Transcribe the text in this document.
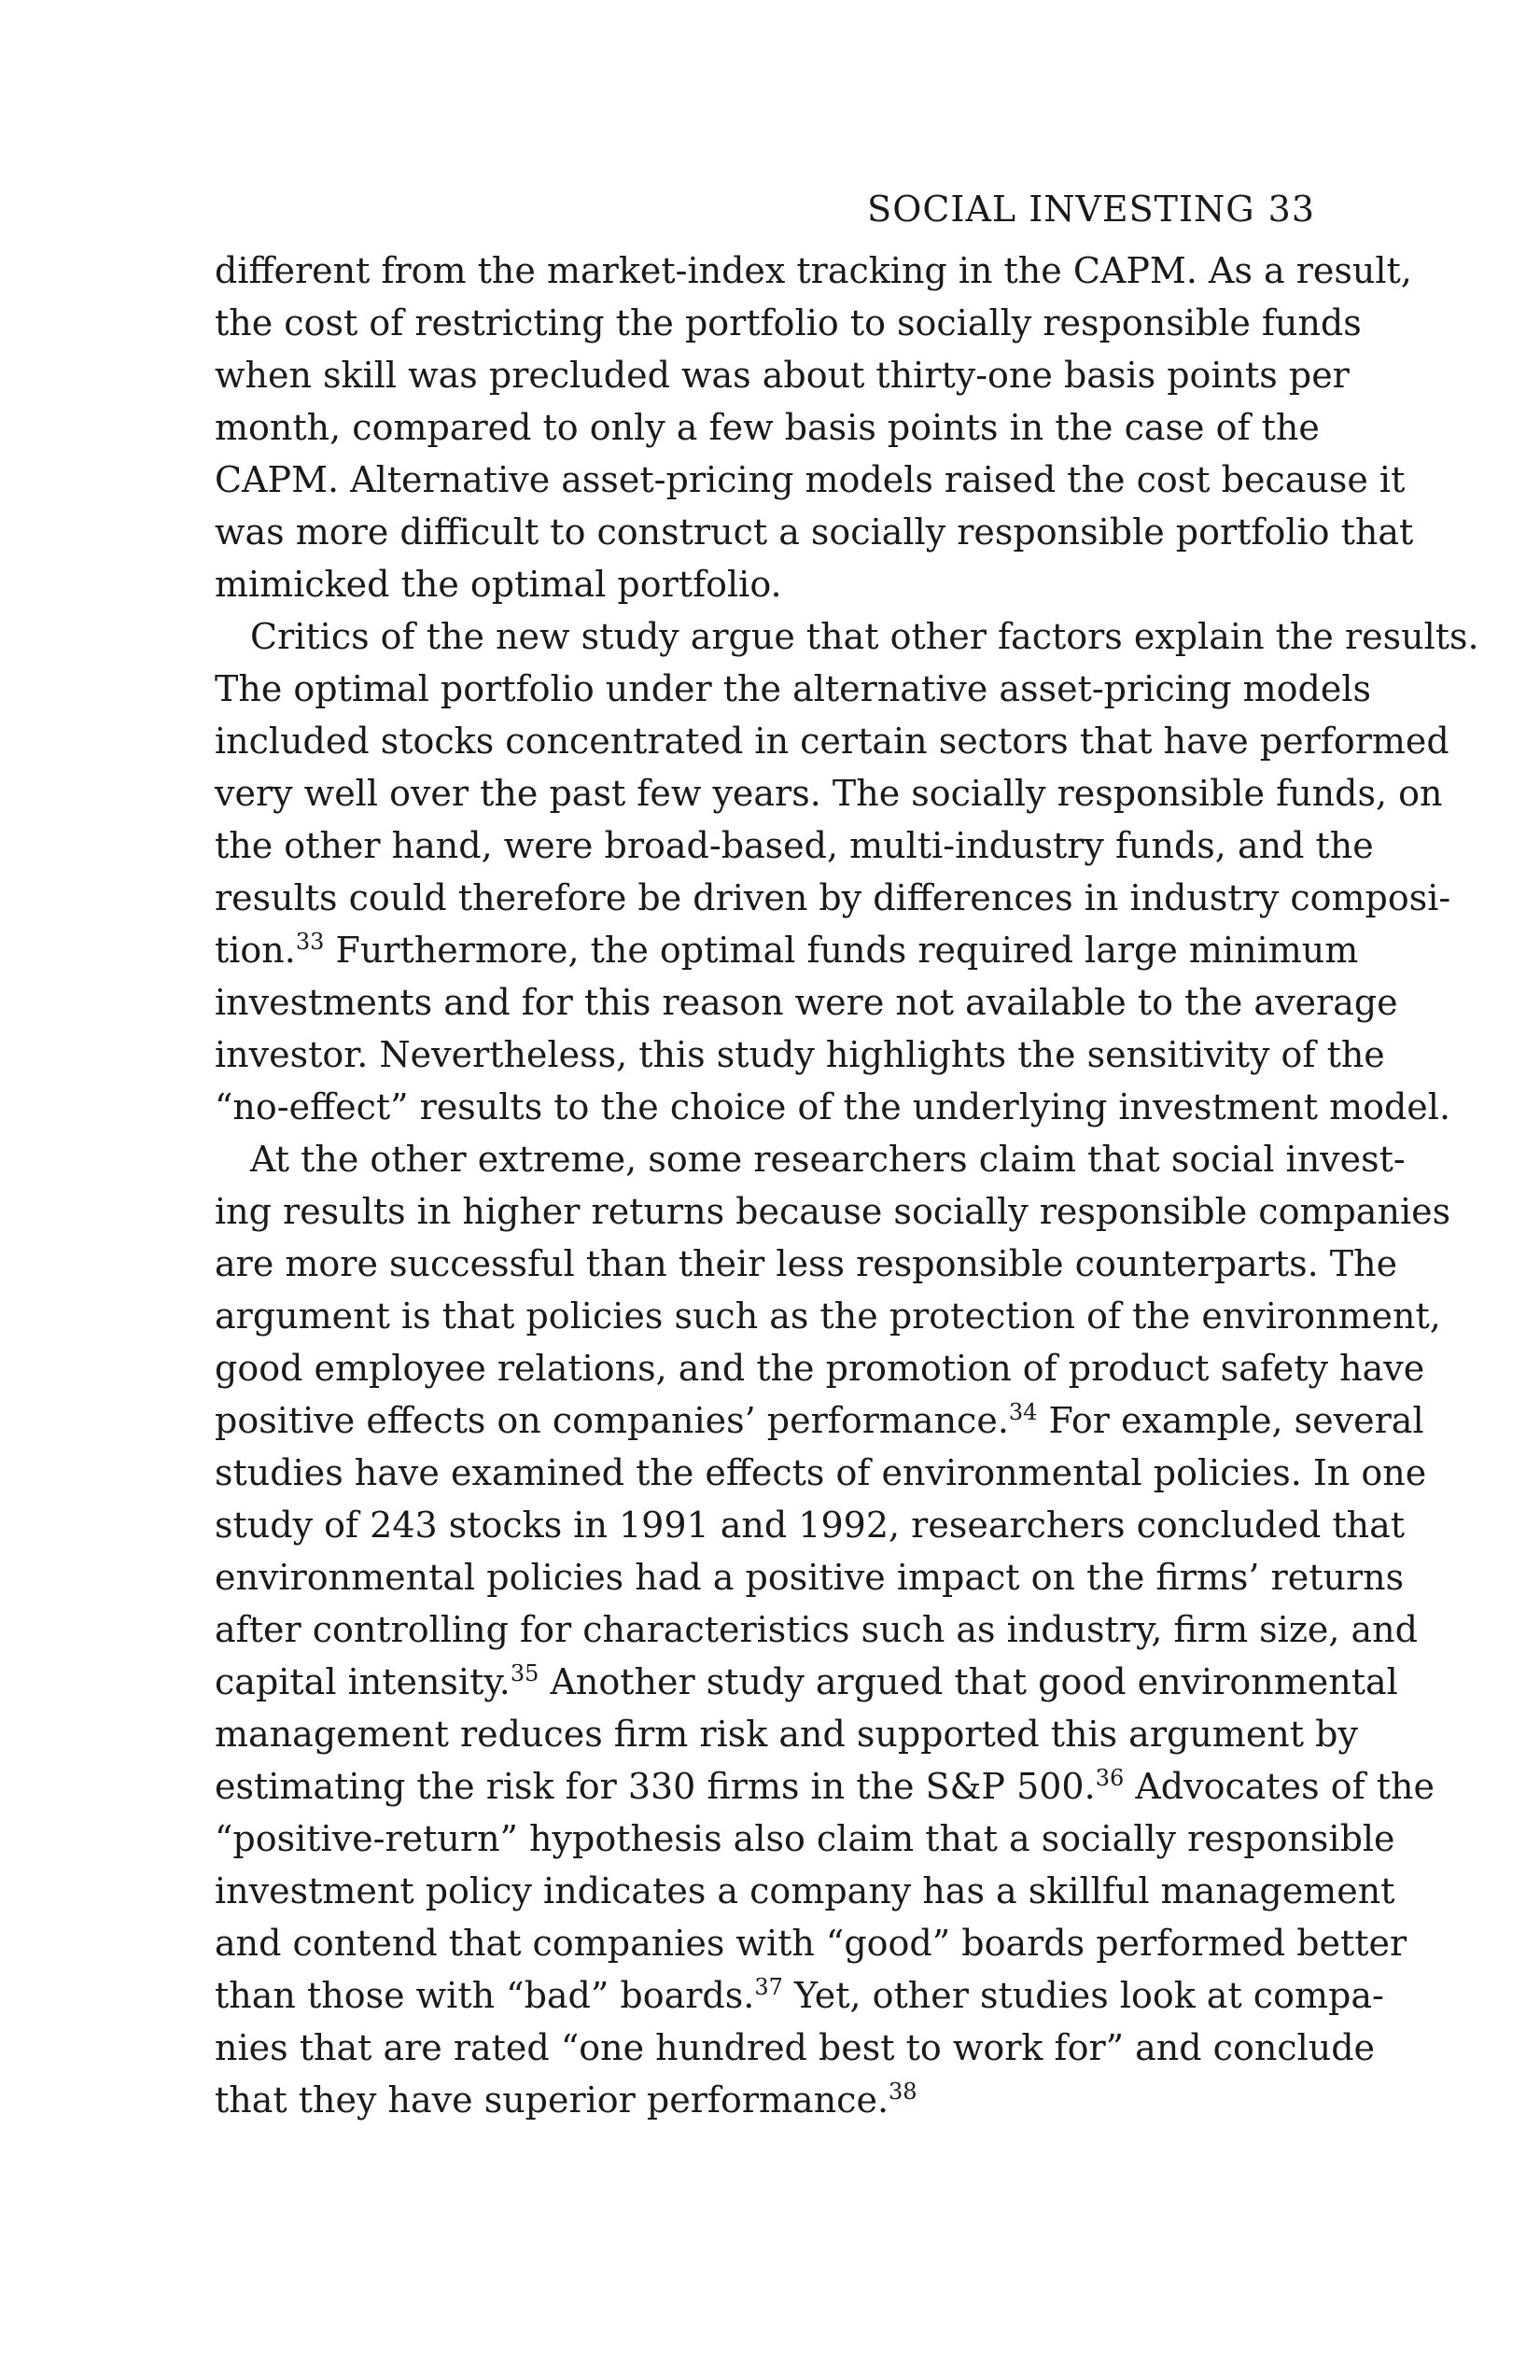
SOCIAL INVESTING 33
different from the market-index tracking in the CAPM. As a result,
the cost of restricting the portfolio to socially responsible funds
when skill was precluded was about thirty-one basis points per
month, compared to only a few basis points in the case of the
CAPM. Alternative asset-pricing models raised the cost because it
was more difficult to construct a socially responsible portfolio that
mimicked the optimal portfolio.
Critics of the new study argue that other factors explain the results.
The optimal portfolio under the alternative asset-pricing models
included stocks concentrated in certain sectors that have performed
very well over the past few years. The socially responsible funds, on
the other hand, were broad-based, multi-industry funds, and the
results could therefore be driven by differences in industry composi-
tion.$^{33}$ Furthermore, the optimal funds required large minimum
investments and for this reason were not available to the average
investor. Nevertheless, this study highlights the sensitivity of the
“no-effect” results to the choice of the underlying investment model.
At the other extreme, some researchers claim that social invest-
ing results in higher returns because socially responsible companies
are more successful than their less responsible counterparts. The
argument is that policies such as the protection of the environment,
good employee relations, and the promotion of product safety have
positive effects on companies’ performance.$^{34}$ For example, several
studies have examined the effects of environmental policies. In one
study of 243 stocks in 1991 and 1992, researchers concluded that
environmental policies had a positive impact on the firms’ returns
after controlling for characteristics such as industry, firm size, and
capital intensity.$^{35}$ Another study argued that good environmental
management reduces firm risk and supported this argument by
estimating the risk for 330 firms in the S&P 500.36 Advocates of the
“positive-return” hypothesis also claim that a socially responsible
investment policy indicates a company has a skillful management
and contend that companies with “good” boards performed better
than those with “bad” boards.$^{37}$ Yet, other studies look at compa-
nies that are rated “one hundred best to work for” and conclude
that they have superior performance.$^{38}$
